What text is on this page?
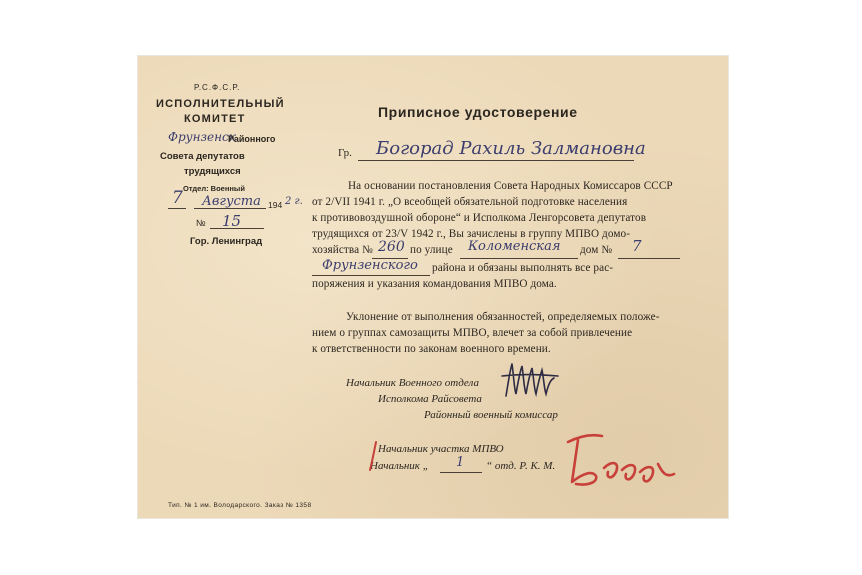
Р.С.Ф.С.Р.
ИСПОЛНИТЕЛЬНЫЙ
КОМИТЕТ
Фрунзенск
Районного
Совета депутатов
трудящихся
Отдел: Военный
7 Августа 194 2 г.
№ 15
Гор. Ленинград
Приписное удостоверение
Гр. Богорад Рахиль Залмановна
На основании постановления Совета Народных Комиссаров СССР
от 2/VII 1941 г. „О всеобщей обязательной подготовке населения
к противовоздушной обороне“ и Исполкома Ленгорсовета депутатов
трудящихся от 23/V 1942 г., Вы зачислены в группу МПВО домо-
хозяйства № 260 по улице Коломенская дом № 7
Фрунзенского района и обязаны выполнять все рас-
поряжения и указания командования МПВО дома.
Уклонение от выполнения обязанностей, определяемых положе-
нием о группах самозащиты МПВО, влечет за собой привлечение
к ответственности по законам военного времени.
Начальник Военного отдела
Исполкома Райсовета
Районный военный комиссар
Начальник участка МПВО
Начальник „ 1 “ отд. Р. К. М.
Тип. № 1 им. Володарского. Заказ № 1358
